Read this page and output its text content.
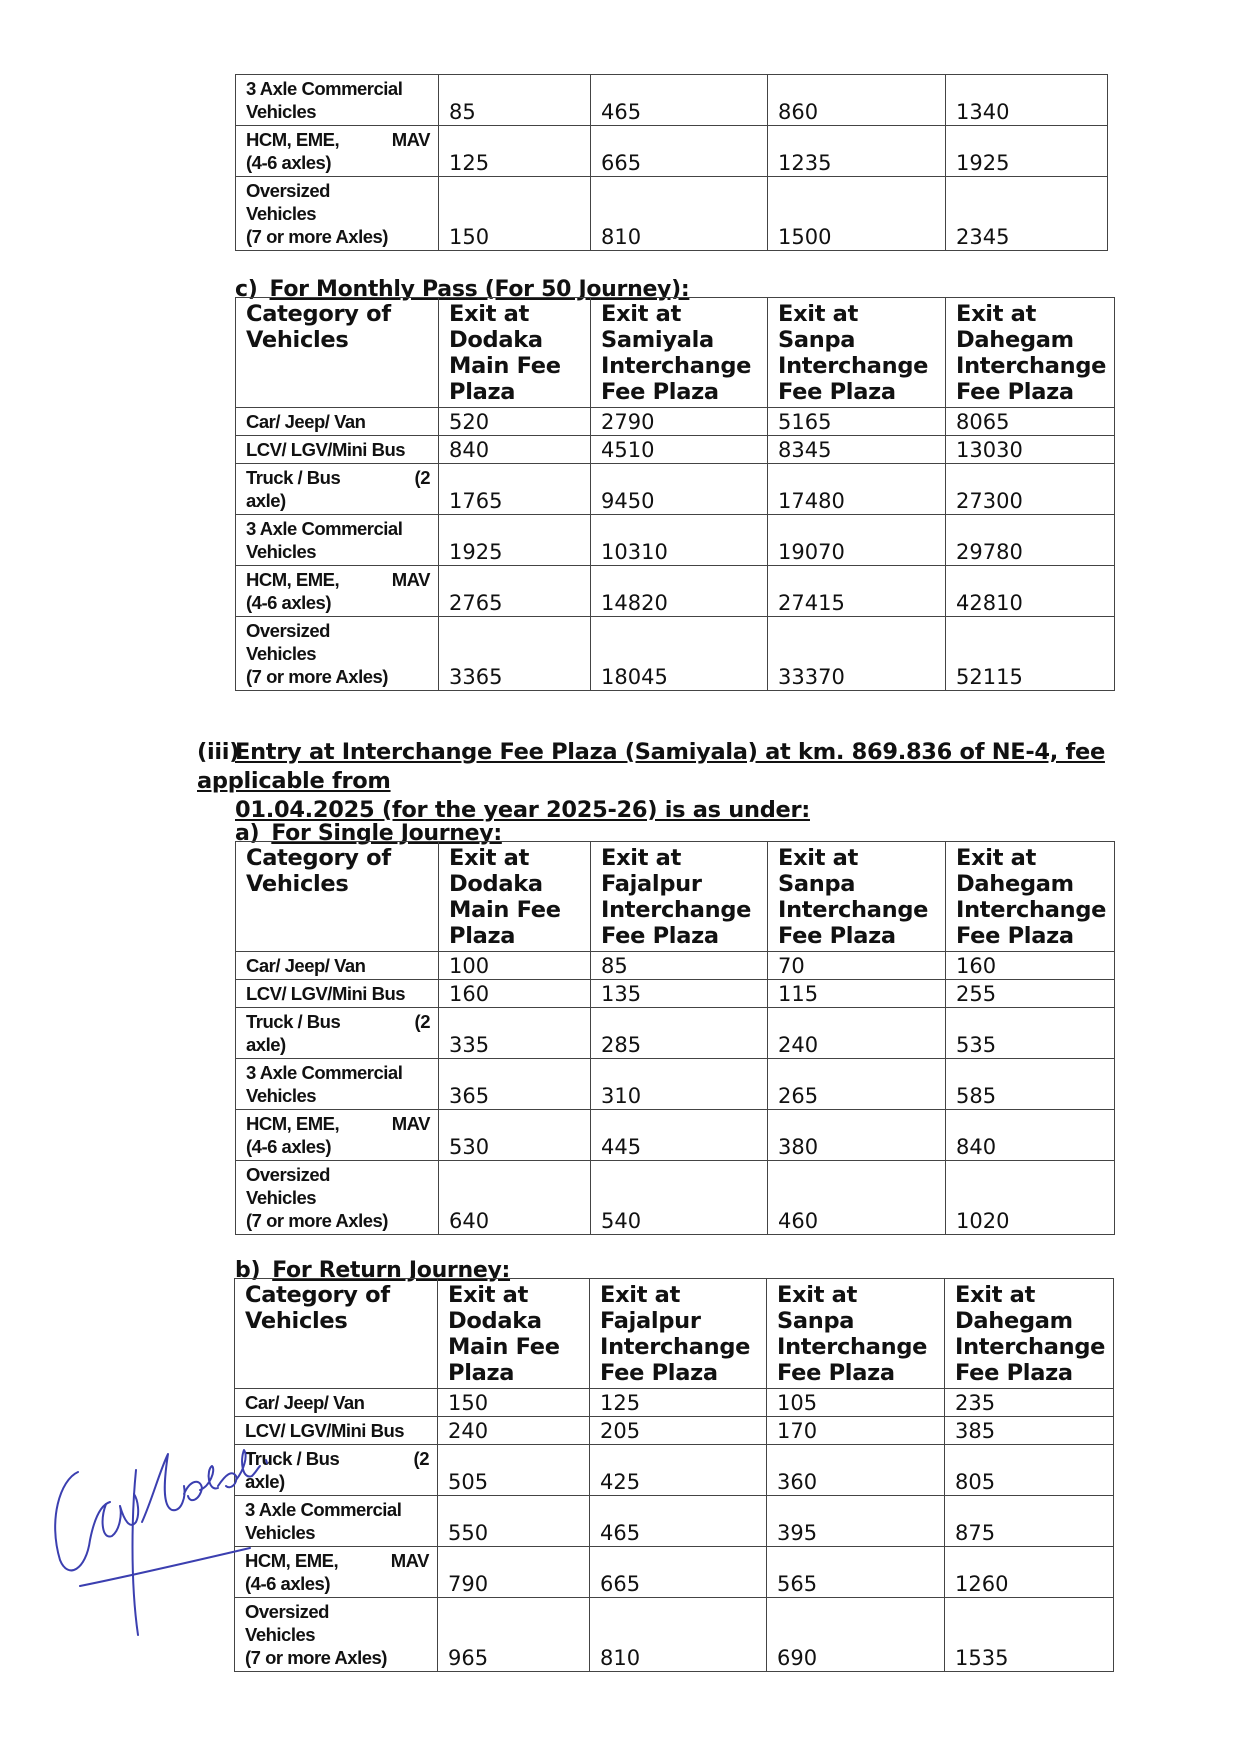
3 Axle Commercial
Vehicles	85	465	860	1340

HCM, EME, MAV
(4-6 axles)	125	665	1235	1925
Oversized
Vehicles
(7 or more Axles)	150	810	1500	2345
c) For Monthly Pass (For 50 Journey):
Category of
Vehicles	Exit at
Dodaka
Main Fee
Plaza	Exit at
Samiyala
Interchange
Fee Plaza	Exit at Sanpa
Interchange
Fee Plaza	Exit at
Dahegam
Interchange
Fee Plaza
Car/ Jeep/ Van	520	2790	5165	8065
LCV/ LGV/Mini Bus	840	4510	8345	13030

Truck / Bus (2
axle)	1765	9450	17480	27300
3 Axle Commercial
Vehicles	1925	10310	19070	29780

HCM, EME, MAV
(4-6 axles)	2765	14820	27415	42810
Oversized
Vehicles
(7 or more Axles)	3365	18045	33370	52115
(iii)Entry at Interchange Fee Plaza (Samiyala) at km. 869.836 of NE-4, fee applicable from
01.04.2025 (for the year 2025-26) is as under:
a) For Single Journey:
Category of
Vehicles	Exit at
Dodaka
Main Fee
Plaza	Exit at
Fajalpur
Interchange
Fee Plaza	Exit at Sanpa
Interchange
Fee Plaza	Exit at
Dahegam
Interchange
Fee Plaza
Car/ Jeep/ Van	100	85	70	160
LCV/ LGV/Mini Bus	160	135	115	255

Truck / Bus (2
axle)	335	285	240	535
3 Axle Commercial
Vehicles	365	310	265	585

HCM, EME, MAV
(4-6 axles)	530	445	380	840
Oversized
Vehicles
(7 or more Axles)	640	540	460	1020
b) For Return Journey:
Category of
Vehicles	Exit at
Dodaka
Main Fee
Plaza	Exit at
Fajalpur
Interchange
Fee Plaza	Exit at Sanpa
Interchange
Fee Plaza	Exit at
Dahegam
Interchange
Fee Plaza
Car/ Jeep/ Van	150	125	105	235
LCV/ LGV/Mini Bus	240	205	170	385

Truck / Bus (2
axle)	505	425	360	805
3 Axle Commercial
Vehicles	550	465	395	875

HCM, EME, MAV
(4-6 axles)	790	665	565	1260
Oversized
Vehicles
(7 or more Axles)	965	810	690	1535
